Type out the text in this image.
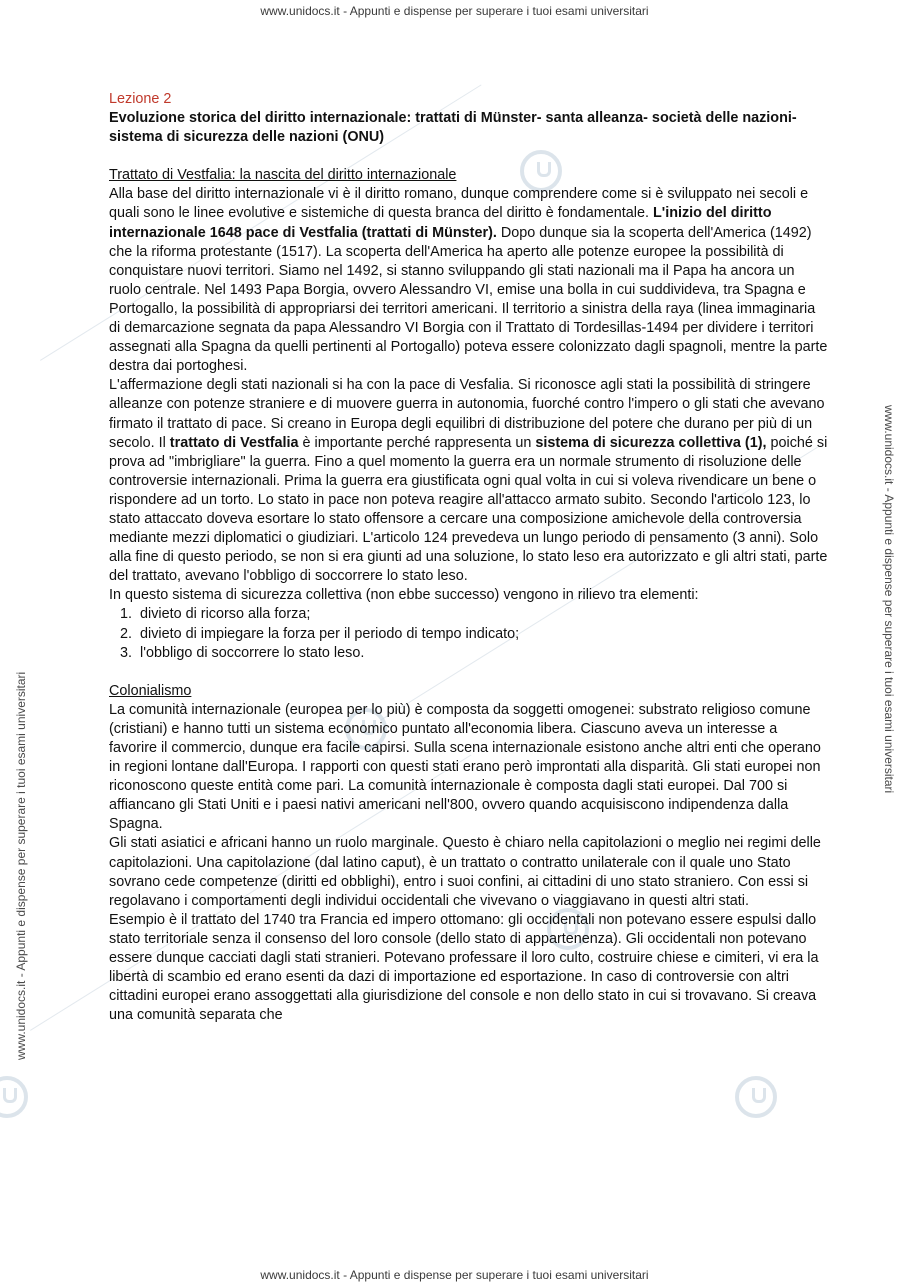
www.unidocs.it - Appunti e dispense per superare i tuoi esami universitari
www.unidocs.it - Appunti e dispense per superare i tuoi esami universitari
www.unidocs.it - Appunti e dispense per superare i tuoi esami universitari
www.unidocs.it - Appunti e dispense per superare i tuoi esami universitari

Lezione 2

Evoluzione storica del diritto internazionale: trattati di Münster- santa alleanza- società delle nazioni- sistema di sicurezza delle nazioni (ONU)

Trattato di Vestfalia: la nascita del diritto internazionale

Alla base del diritto internazionale vi è il diritto romano, dunque comprendere come si è sviluppato nei secoli e quali sono le linee evolutive e sistemiche di questa branca del diritto è fondamentale. L'inizio del diritto internazionale 1648 pace di Vestfalia (trattati di Münster). Dopo dunque sia la scoperta dell'America (1492) che la riforma protestante (1517). La scoperta dell'America ha aperto alle potenze europee la possibilità di conquistare nuovi territori. Siamo nel 1492, si stanno sviluppando gli stati nazionali ma il Papa ha ancora un ruolo centrale. Nel 1493 Papa Borgia, ovvero Alessandro VI, emise una bolla in cui suddivideva, tra Spagna e Portogallo, la possibilità di appropriarsi dei territori americani. Il territorio a sinistra della raya (linea immaginaria di demarcazione segnata da papa Alessandro VI Borgia con il Trattato di Tordesillas-1494 per dividere i territori assegnati alla Spagna da quelli pertinenti al Portogallo) poteva essere colonizzato dagli spagnoli, mentre la parte destra dai portoghesi.

L'affermazione degli stati nazionali si ha con la pace di Vesfalia. Si riconosce agli stati la possibilità di stringere alleanze con potenze straniere e di muovere guerra in autonomia, fuorché contro l'impero o gli stati che avevano firmato il trattato di pace. Si creano in Europa degli equilibri di distribuzione del potere che durano per più di un secolo. Il trattato di Vestfalia è importante perché rappresenta un sistema di sicurezza collettiva (1), poiché si prova ad "imbrigliare" la guerra. Fino a quel momento la guerra era un normale strumento di risoluzione delle controversie internazionali. Prima la guerra era giustificata ogni qual volta in cui si voleva rivendicare un bene o rispondere ad un torto. Lo stato in pace non poteva reagire all'attacco armato subito. Secondo l'articolo 123, lo stato attaccato doveva esortare lo stato offensore a cercare una composizione amichevole della controversia mediante mezzi diplomatici o giudiziari. L'articolo 124 prevedeva un lungo periodo di pensamento (3 anni). Solo alla fine di questo periodo, se non si era giunti ad una soluzione, lo stato leso era autorizzato e gli altri stati, parte del trattato, avevano l'obbligo di soccorrere lo stato leso.

In questo sistema di sicurezza collettiva (non ebbe successo) vengono in rilievo tra elementi:

1. divieto di ricorso alla forza;
2. divieto di impiegare la forza per il periodo di tempo indicato;
3. l'obbligo di soccorrere lo stato leso.

Colonialismo

La comunità internazionale (europea per lo più) è composta da soggetti omogenei: substrato religioso comune (cristiani) e hanno tutti un sistema economico puntato all'economia libera. Ciascuno aveva un interesse a favorire il commercio, dunque era facile capirsi. Sulla scena internazionale esistono anche altri enti che operano in regioni lontane dall'Europa. I rapporti con questi stati erano però improntati alla disparità. Gli stati europei non riconoscono queste entità come pari. La comunità internazionale è composta dagli stati europei. Dal 700 si affiancano gli Stati Uniti e i paesi nativi americani nell'800, ovvero quando acquisiscono indipendenza dalla Spagna.

Gli stati asiatici e africani hanno un ruolo marginale. Questo è chiaro nella capitolazioni o meglio nei regimi delle capitolazioni. Una capitolazione (dal latino caput), è un trattato o contratto unilaterale con il quale uno Stato sovrano cede competenze (diritti ed obblighi), entro i suoi confini, ai cittadini di uno stato straniero. Con essi si regolavano i comportamenti degli individui occidentali che vivevano o viaggiavano in questi altri stati.

Esempio è il trattato del 1740 tra Francia ed impero ottomano: gli occidentali non potevano essere espulsi dallo stato territoriale senza il consenso del loro console (dello stato di appartenenza). Gli occidentali non potevano essere dunque cacciati dagli stati stranieri. Potevano professare il loro culto, costruire chiese e cimiteri, vi era la libertà di scambio ed erano esenti da dazi di importazione ed esportazione. In caso di controversie con altri cittadini europei erano assoggettati alla giurisdizione del console e non dello stato in cui si trovavano. Si creava una comunità separata che
